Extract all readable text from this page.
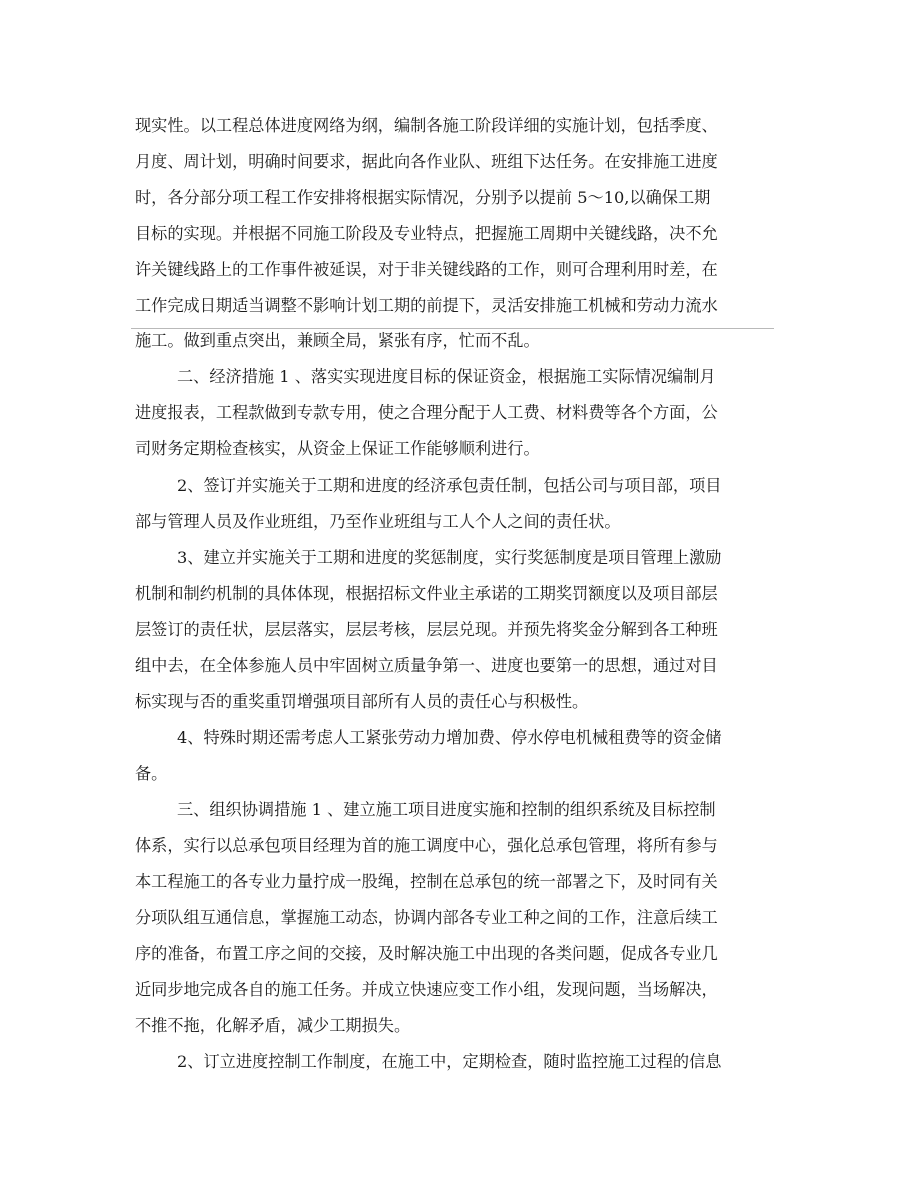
现实性。以工程总体进度网络为纲，编制各施工阶段详细的实施计划，包括季度、
月度、周计划，明确时间要求，据此向各作业队、班组下达任务。在安排施工进度
时，各分部分项工程工作安排将根据实际情况，分别予以提前 5～10,以确保工期
目标的实现。并根据不同施工阶段及专业特点，把握施工周期中关键线路，决不允
许关键线路上的工作事件被延误，对于非关键线路的工作，则可合理利用时差，在
工作完成日期适当调整不影响计划工期的前提下，灵活安排施工机械和劳动力流水
施工。做到重点突出，兼顾全局，紧张有序，忙而不乱。
二、经济措施 1 、落实实现进度目标的保证资金，根据施工实际情况编制月
进度报表，工程款做到专款专用，使之合理分配于人工费、材料费等各个方面，公
司财务定期检查核实，从资金上保证工作能够顺利进行。
2、签订并实施关于工期和进度的经济承包责任制，包括公司与项目部，项目
部与管理人员及作业班组，乃至作业班组与工人个人之间的责任状。
3、建立并实施关于工期和进度的奖惩制度，实行奖惩制度是项目管理上激励
机制和制约机制的具体体现，根据招标文件业主承诺的工期奖罚额度以及项目部层
层签订的责任状，层层落实，层层考核，层层兑现。并预先将奖金分解到各工种班
组中去，在全体参施人员中牢固树立质量争第一、进度也要第一的思想，通过对目
标实现与否的重奖重罚增强项目部所有人员的责任心与积极性。
4、特殊时期还需考虑人工紧张劳动力增加费、停水停电机械租费等的资金储
备。
三、组织协调措施 1 、建立施工项目进度实施和控制的组织系统及目标控制
体系，实行以总承包项目经理为首的施工调度中心，强化总承包管理，将所有参与
本工程施工的各专业力量拧成一股绳，控制在总承包的统一部署之下，及时同有关
分项队组互通信息，掌握施工动态，协调内部各专业工种之间的工作，注意后续工
序的准备，布置工序之间的交接，及时解决施工中出现的各类问题，促成各专业几
近同步地完成各自的施工任务。并成立快速应变工作小组，发现问题，当场解决，
不推不拖，化解矛盾，减少工期损失。
2、订立进度控制工作制度，在施工中，定期检查，随时监控施工过程的信息
